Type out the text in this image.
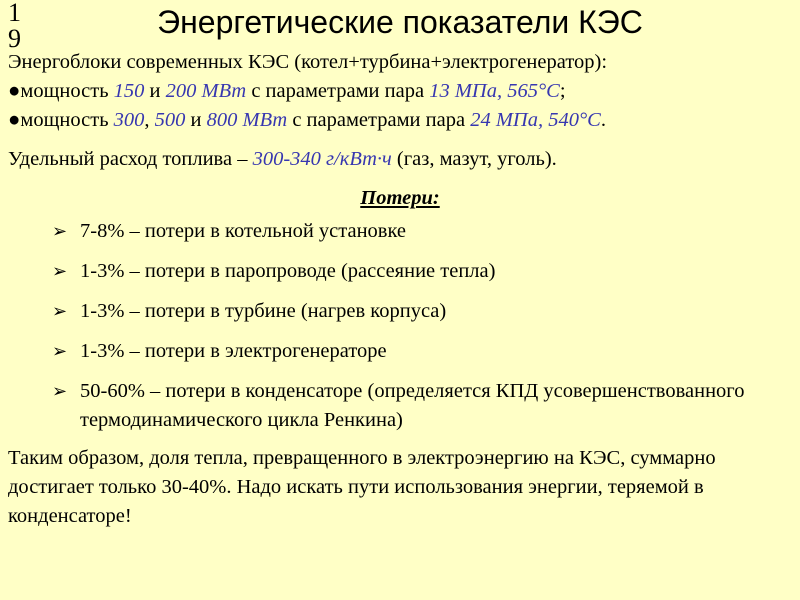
19	Энергетические показатели КЭС

Энергоблоки современных КЭС (котел+турбина+электрогенератор):

●мощность 150 и 200 МВт с параметрами пара 13 МПа, 565°С;

●мощность 300, 500 и 800 МВт с параметрами пара 24 МПа, 540°С.

Удельный расход топлива – 300-340 г/кВт·ч (газ, мазут, уголь).

Потери:

➢ 7-8% – потери в котельной установке
➢ 1-3% – потери в паропроводе (рассеяние тепла)
➢ 1-3% – потери в турбине (нагрев корпуса)
➢ 1-3% – потери в электрогенераторе
➢ 50-60% – потери в конденсаторе (определяется КПД усовершенствованного термодинамического цикла Ренкина)

Таким образом, доля тепла, превращенного в электроэнергию на КЭС, суммарно достигает только 30-40%. Надо искать пути использования энергии, теряемой в конденсаторе!
